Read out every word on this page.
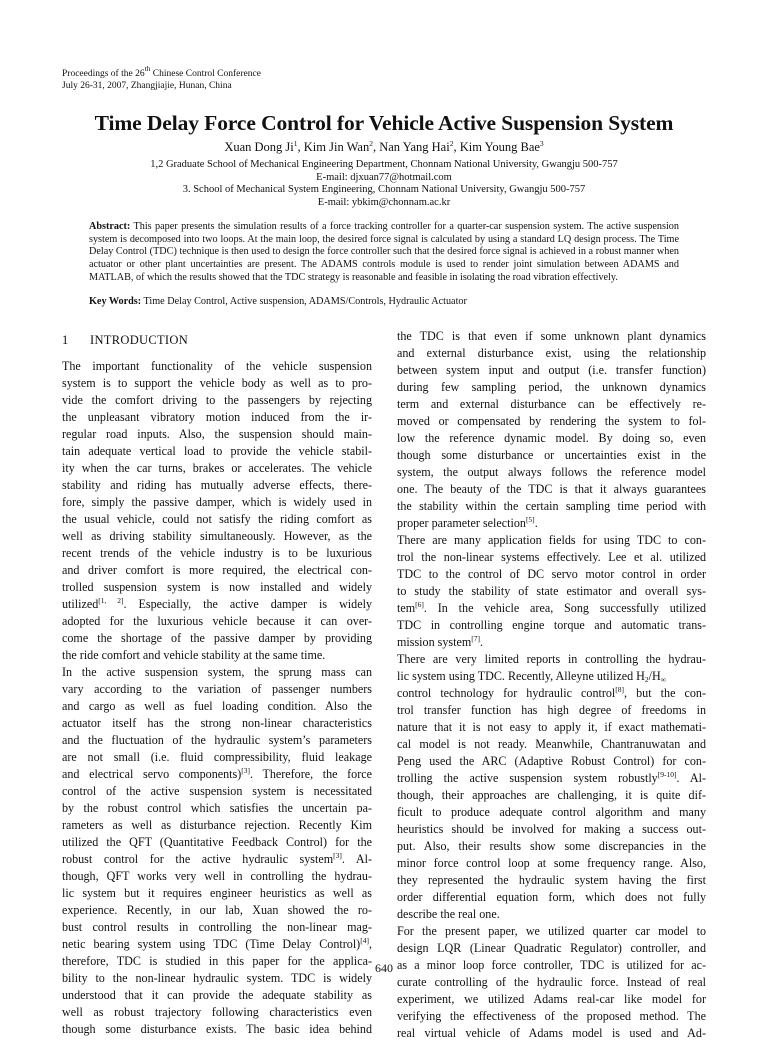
Proceedings of the 26th Chinese Control Conference
July 26-31, 2007, Zhangjiajie, Hunan, China
Time Delay Force Control for Vehicle Active Suspension System
Xuan Dong Ji$^1$, Kim Jin Wan$^2$, Nan Yang Hai$^2$, Kim Young Bae$^3$
1,2 Graduate School of Mechanical Engineering Department, Chonnam National University, Gwangju 500-757
E-mail: djxuan77@hotmail.com
3. School of Mechanical System Engineering, Chonnam National University, Gwangju 500-757
E-mail: ybkim@chonnam.ac.kr
Abstract: This paper presents the simulation results of a force tracking controller for a quarter-car suspension system. The active suspension system is decomposed into two loops. At the main loop, the desired force signal is calculated by using a standard LQ design process. The Time Delay Control (TDC) technique is then used to design the force controller such that the desired force signal is achieved in a robust manner when actuator or other plant uncertainties are present. The ADAMS controls module is used to render joint simulation between ADAMS and MATLAB, of which the results showed that the TDC strategy is reasonable and feasible in isolating the road vibration effectively.
Key Words: Time Delay Control, Active suspension, ADAMS/Controls, Hydraulic Actuator
1 INTRODUCTION
The important functionality of the vehicle suspension
system is to support the vehicle body as well as to pro-
vide the comfort driving to the passengers by rejecting
the unpleasant vibratory motion induced from the ir-
regular road inputs. Also, the suspension should main-
tain adequate vertical load to provide the vehicle stabil-
ity when the car turns, brakes or accelerates. The vehicle
stability and riding has mutually adverse effects, there-
fore, simply the passive damper, which is widely used in
the usual vehicle, could not satisfy the riding comfort as
well as driving stability simultaneously. However, as the
recent trends of the vehicle industry is to be luxurious
and driver comfort is more required, the electrical con-
trolled suspension system is now installed and widely
utilized[1, 2]. Especially, the active damper is widely
adopted for the luxurious vehicle because it can over-
come the shortage of the passive damper by providing
the ride comfort and vehicle stability at the same time.
In the active suspension system, the sprung mass can
vary according to the variation of passenger numbers
and cargo as well as fuel loading condition. Also the
actuator itself has the strong non-linear characteristics
and the fluctuation of the hydraulic system’s parameters
are not small (i.e. fluid compressibility, fluid leakage
and electrical servo components)[3]. Therefore, the force
control of the active suspension system is necessitated
by the robust control which satisfies the uncertain pa-
rameters as well as disturbance rejection. Recently Kim
utilized the QFT (Quantitative Feedback Control) for the
robust control for the active hydraulic system[3]. Al-
though, QFT works very well in controlling the hydrau-
lic system but it requires engineer heuristics as well as
experience. Recently, in our lab, Xuan showed the ro-
bust control results in controlling the non-linear mag-
netic bearing system using TDC (Time Delay Control)[4],
therefore, TDC is studied in this paper for the applica-
bility to the non-linear hydraulic system. TDC is widely
understood that it can provide the adequate stability as
well as robust trajectory following characteristics even
though some disturbance exists. The basic idea behind
the TDC is that even if some unknown plant dynamics
and external disturbance exist, using the relationship
between system input and output (i.e. transfer function)
during few sampling period, the unknown dynamics
term and external disturbance can be effectively re-
moved or compensated by rendering the system to fol-
low the reference dynamic model. By doing so, even
though some disturbance or uncertainties exist in the
system, the output always follows the reference model
one. The beauty of the TDC is that it always guarantees
the stability within the certain sampling time period with
proper parameter selection[5].
There are many application fields for using TDC to con-
trol the non-linear systems effectively. Lee et al. utilized
TDC to the control of DC servo motor control in order
to study the stability of state estimator and overall sys-
tem[6]. In the vehicle area, Song successfully utilized
TDC in controlling engine torque and automatic trans-
mission system[7].
There are very limited reports in controlling the hydrau-
lic system using TDC. Recently, Alleyne utilized $H_2/H_\infty$
control technology for hydraulic control[8], but the con-
trol transfer function has high degree of freedoms in
nature that it is not easy to apply it, if exact mathemati-
cal model is not ready. Meanwhile, Chantranuwatan and
Peng used the ARC (Adaptive Robust Control) for con-
trolling the active suspension system robustly[9-10]. Al-
though, their approaches are challenging, it is quite dif-
ficult to produce adequate control algorithm and many
heuristics should be involved for making a success out-
put. Also, their results show some discrepancies in the
minor force control loop at some frequency range. Also,
they represented the hydraulic system having the first
order differential equation form, which does not fully
describe the real one.
For the present paper, we utilized quarter car model to
design LQR (Linear Quadratic Regulator) controller, and
as a minor loop force controller, TDC is utilized for ac-
curate controlling of the hydraulic force. Instead of real
experiment, we utilized Adams real-car like model for
verifying the effectiveness of the proposed method. The
real virtual vehicle of Adams model is used and Ad-
640
